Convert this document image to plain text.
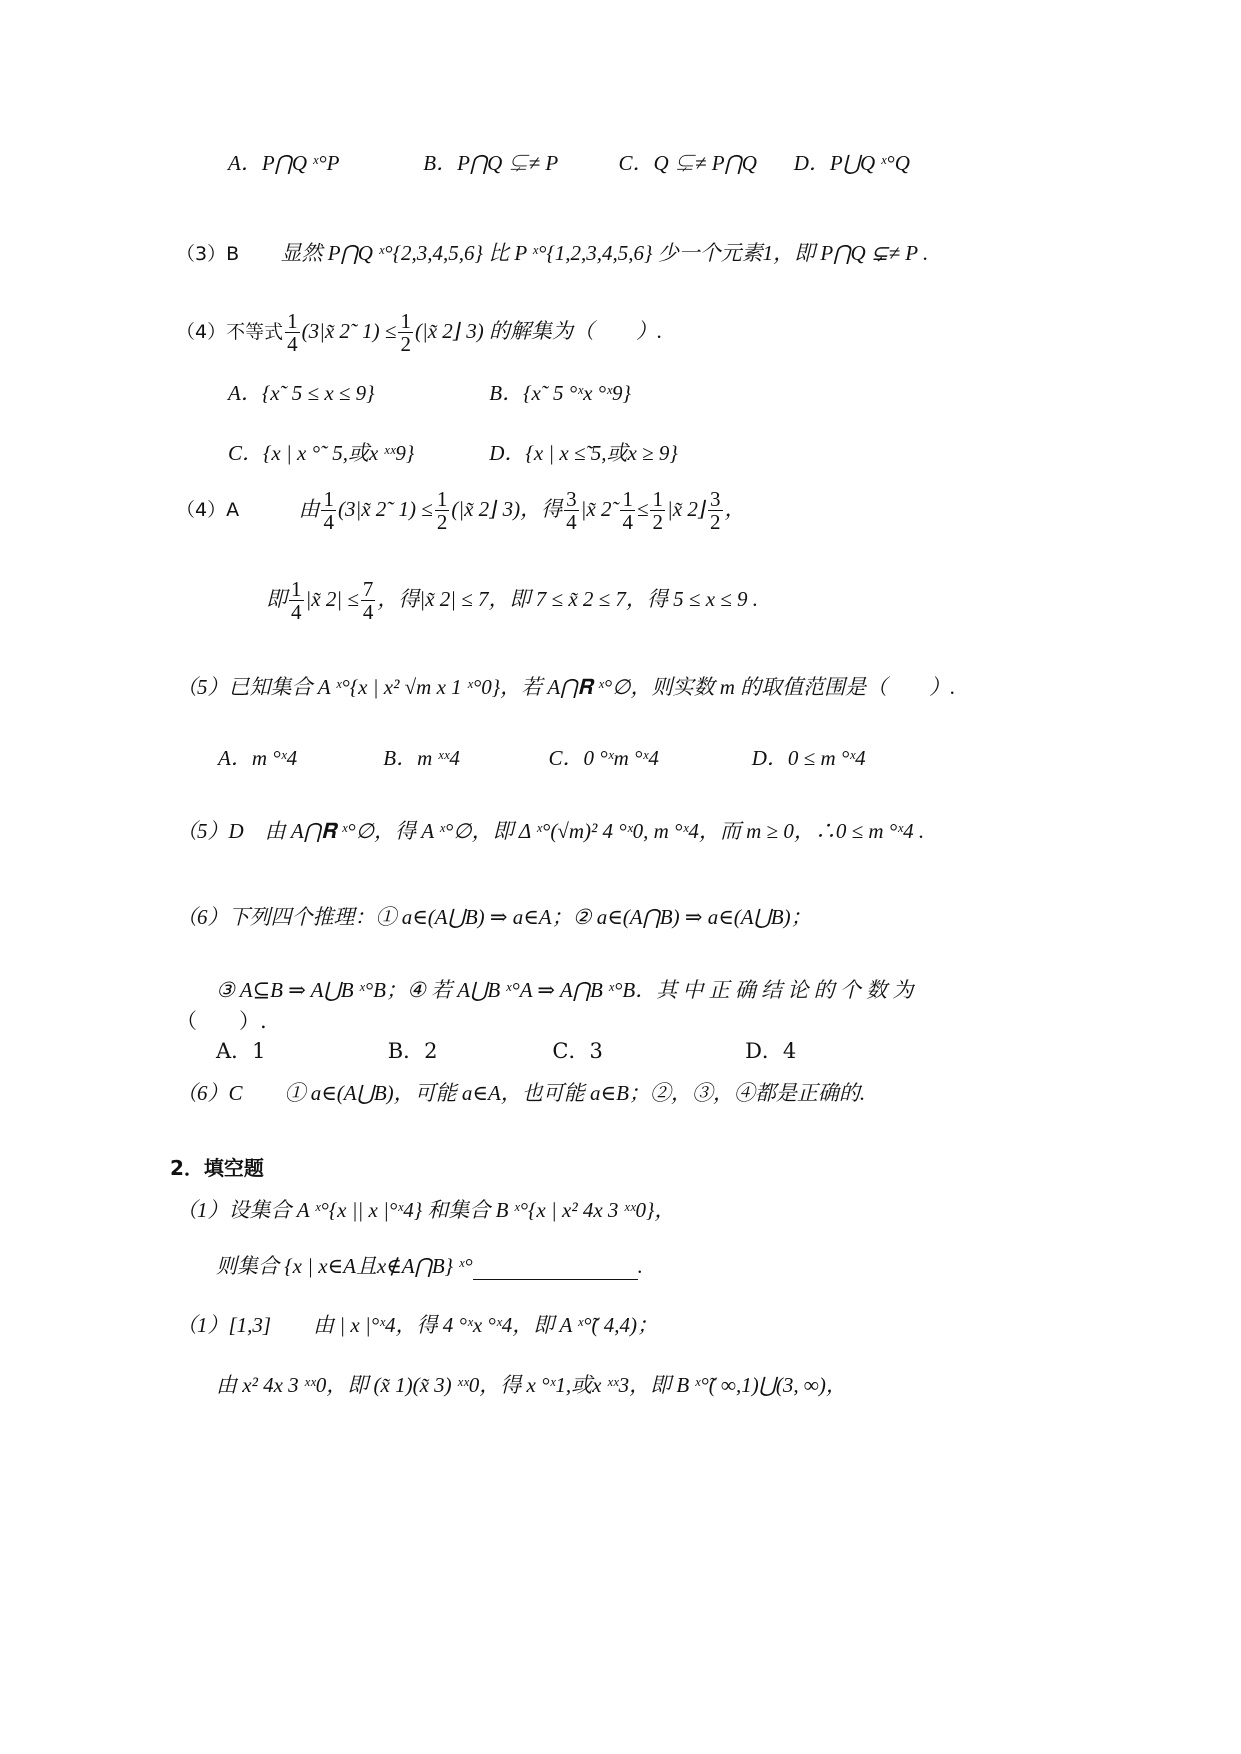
A．P⋂Q ˣ°P	B．P⋂Q ⊊≠ P	C．Q ⊊≠ P⋂Q D．P⋃Q ˣ°Q
（3）B 显然 P⋂Q ˣ°{2,3,4,5,6} 比 P ˣ°{1,2,3,4,5,6} 少一个元素1，即 P⋂Q ⊊≠ P .
（4）不等式 $\frac{1}{4}$ (3|x̃ 2˜ $1) \le \frac{1}{2}$ (|x̃ 2⌋ 3) 的解集为（　　）.
A．{x˜ 5 ≤ x ≤ 9}	B．{x˜ 5 °ˣx °ˣ9}
C．{x | x °˜ 5,或x ˣˣ9}	D．{x | x ≤̃ 5,或x ≥ 9}
（4）A	由 $\frac{1}{4}$ (3|x̃ 2˜ $1) \le \frac{1}{2}$ (|x̃ 2⌋ 3)，得 $\frac{3}{4}$ |x̃ 2˜ $\frac{1}{4} \le \frac{1}{2}$ |x̃ 2⌋ $\frac{3}{2}$ ，
即 $\frac{1}{4}$ |x̃ $2| \le \frac{7}{4}$ ，得|x̃ 2| ≤ 7，即 7 ≤ x̃ 2 ≤ 7，得 5 ≤ x ≤ 9 .
（5）已知集合 A ˣ°{x | x² √m x 1 ˣ°0}，若 A⋂𝐑 ˣ°∅，则实数 m 的取值范围是（　　）.
A．m °ˣ4	B．m ˣˣ4	C．0 °ˣm °ˣ4	D．0 ≤ m °ˣ4
（5）D　由 A⋂𝐑 ˣ°∅，得 A ˣ°∅，即 Δ ˣ°(√m)² 4 °ˣ0, m °ˣ4，而 m ≥ 0，∴0 ≤ m °ˣ4 .
（6）下列四个推理：① a∈(A⋃B) ⇒ a∈A；② a∈(A⋂B) ⇒ a∈(A⋃B)；
③ A⊆B ⇒ A⋃B ˣ°B；④ 若 A⋃B ˣ°A ⇒ A⋂B ˣ°B．其 中 正 确 结 论 的 个 数 为
（　　）.
A．1	B．2	C．3	D．4
（6）C　　① a∈(A⋃B)，可能 a∈A，也可能 a∈B；②，③，④都是正确的.
2．填空题
（1）设集合 A ˣ°{x || x |°ˣ4} 和集合 B ˣ°{x | x² 4x 3 ˣˣ0}，
则集合 {x | x∈A且x∉A⋂B} ˣ°	.
（1）[1,3]　　由 | x |°ˣ4，得 4 °ˣx °ˣ4，即 A ˣ°̃( 4,4)；
由 x² 4x 3 ˣˣ0，即 (x̃ 1)(x̃ 3) ˣˣ0，得 x °ˣ1,或x ˣˣ3，即 B ˣ°̃( ∞,1)⋃(3, ∞)，
